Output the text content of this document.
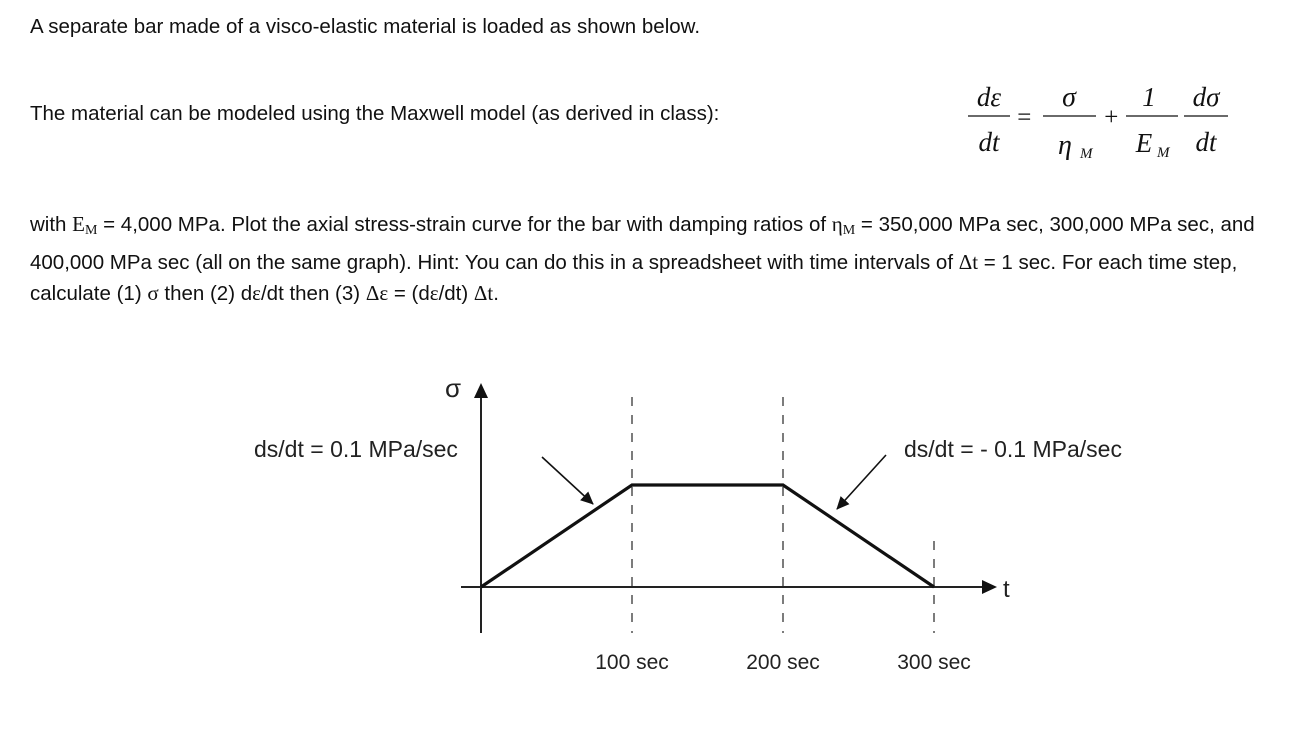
A separate bar made of a visco-elastic material is loaded as shown below.
The material can be modeled using the Maxwell model (as derived in class):
dε
dt
=
σ
η M
+
1
E M
dσ
dt
with $E_M = 4,000$ MPa. Plot the axial stress-strain curve for the bar with damping ratios of $\eta_M = 350,000$ MPa sec, 300,000 MPa sec, and 400,000 MPa sec (all on the same graph). Hint: You can do this in a spreadsheet with time intervals of Δt = 1 sec. For each time step, calculate (1) σ then (2) dε/dt then (3) Δε = (dε/dt) Δt.
σ
t
100 sec	200 sec	300 sec
ds/dt = 0.1 MPa/sec	ds/dt = - 0.1 MPa/sec
